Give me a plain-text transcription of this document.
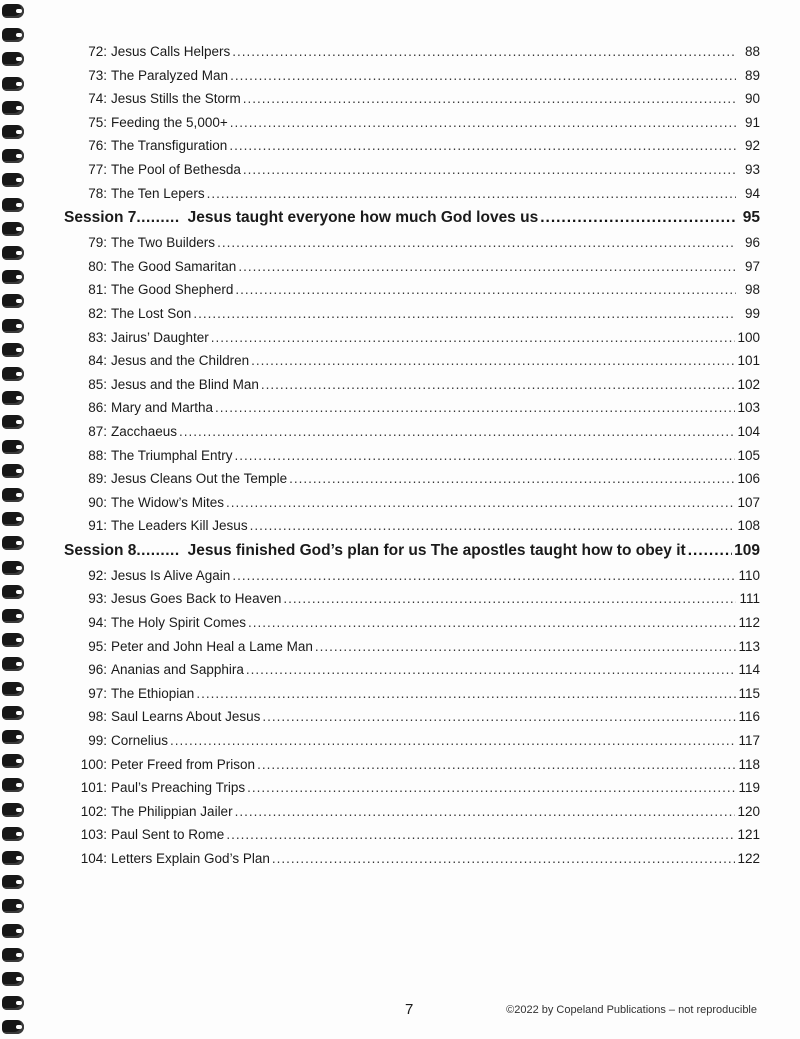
72: Jesus Calls Helpers .....	88
73: The Paralyzed Man .....	89
74: Jesus Stills the Storm .....	90
75: Feeding the 5,000+ .....	91
76: The Transfiguration .....	92
77: The Pool of Bethesda .....	93
78: The Ten Lepers .....	94
Session 7 ......... Jesus taught everyone how much God loves us .....	95
79: The Two Builders .....	96
80: The Good Samaritan .....	97
81: The Good Shepherd .....	98
82: The Lost Son .....	99
83: Jairus’ Daughter .....	100
84: Jesus and the Children .....	101
85: Jesus and the Blind Man .....	102
86: Mary and Martha .....	103
87: Zacchaeus .....	104
88: The Triumphal Entry .....	105
89: Jesus Cleans Out the Temple .....	106
90: The Widow’s Mites .....	107
91: The Leaders Kill Jesus .....	108
Session 8 ......... Jesus finished God’s plan for us The apostles taught how to obey it .....	109
92: Jesus Is Alive Again .....	110
93: Jesus Goes Back to Heaven .....	111
94: The Holy Spirit Comes .....	112
95: Peter and John Heal a Lame Man .....	113
96: Ananias and Sapphira .....	114
97: The Ethiopian .....	115
98: Saul Learns About Jesus .....	116
99: Cornelius .....	117
100: Peter Freed from Prison .....	118
101: Paul’s Preaching Trips .....	119
102: The Philippian Jailer .....	120
103: Paul Sent to Rome .....	121
104: Letters Explain God’s Plan .....	122
7	©2022 by Copeland Publications – not reproducible
